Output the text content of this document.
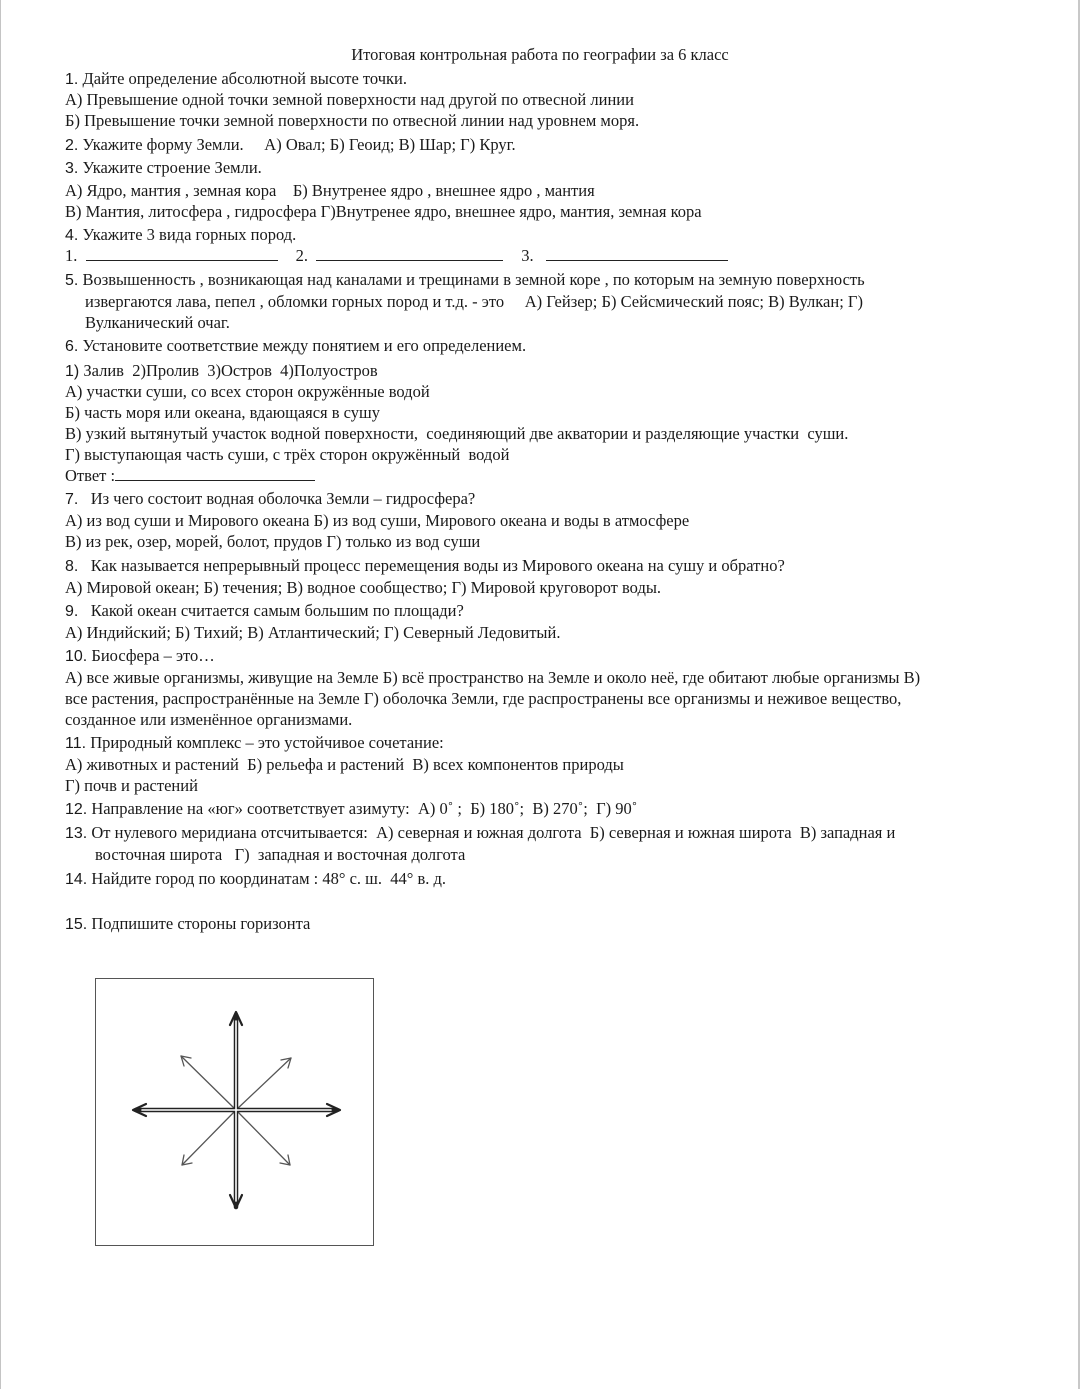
Итоговая контрольная работа по географии за 6 класс
1. Дайте определение абсолютной высоте точки.
А) Превышение одной точки земной поверхности над другой по отвесной линии
Б) Превышение точки земной поверхности по отвесной линии над уровнем моря.
2. Укажите форму Земли.     А) Овал; Б) Геоид; В) Шар; Г) Круг.
3. Укажите строение Земли.
А) Ядро, мантия , земная кора    Б) Внутренее ядро , внешнее ядро , мантия
В) Мантия, литосфера , гидросфера Г)Внутренее ядро, внешнее ядро, мантия, земная кора
4. Укажите 3 вида горных пород.
1.	2.	3.
5. Возвышенность , возникающая над каналами и трещинами в земной коре , по которым на земную поверхность
извергаются лава, пепел , обломки горных пород и т.д. - это     А) Гейзер; Б) Сейсмический пояс; В) Вулкан; Г)
Вулканический очаг.
6. Установите соответствие между понятием и его определением.
1) Залив  2)Пролив  3)Остров  4)Полуостров
А) участки суши, со всех сторон окружённые водой
Б) часть моря или океана, вдающаяся в сушу
В) узкий вытянутый участок водной поверхности,  соединяющий две акватории и разделяющие участки  суши.
Г) выступающая часть суши, с трёх сторон окружённый  водой
Ответ :
7.   Из чего состоит водная оболочка Земли – гидросфера?
А) из вод суши и Мирового океана Б) из вод суши, Мирового океана и воды в атмосфере
В) из рек, озер, морей, болот, прудов Г) только из вод суши
8.   Как называется непрерывный процесс перемещения воды из Мирового океана на сушу и обратно?
А) Мировой океан; Б) течения; В) водное сообщество; Г) Мировой круговорот воды.
9.   Какой океан считается самым большим по площади?
А) Индийский; Б) Тихий; В) Атлантический; Г) Северный Ледовитый.
10. Биосфера – это…
А) все живые организмы, живущие на Земле Б) всё пространство на Земле и около неё, где обитают любые организмы В)
все растения, распространённые на Земле Г) оболочка Земли, где распространены все организмы и неживое вещество,
созданное или изменённое организмами.
11. Природный комплекс – это устойчивое сочетание:
А) животных и растений  Б) рельефа и растений  В) всех компонентов природы
Г) почв и растений
12. Направление на «юг» соответствует азимуту:  А) 0˚ ;  Б) 180˚;  В) 270˚;  Г) 90˚
13. От нулевого меридиана отсчитывается:  А) северная и южная долгота  Б) северная и южная широта  В) западная и
восточная широта   Г)  западная и восточная долгота
14. Найдите город по координатам : 48° с. ш.  44° в. д.
15. Подпишите стороны горизонта
